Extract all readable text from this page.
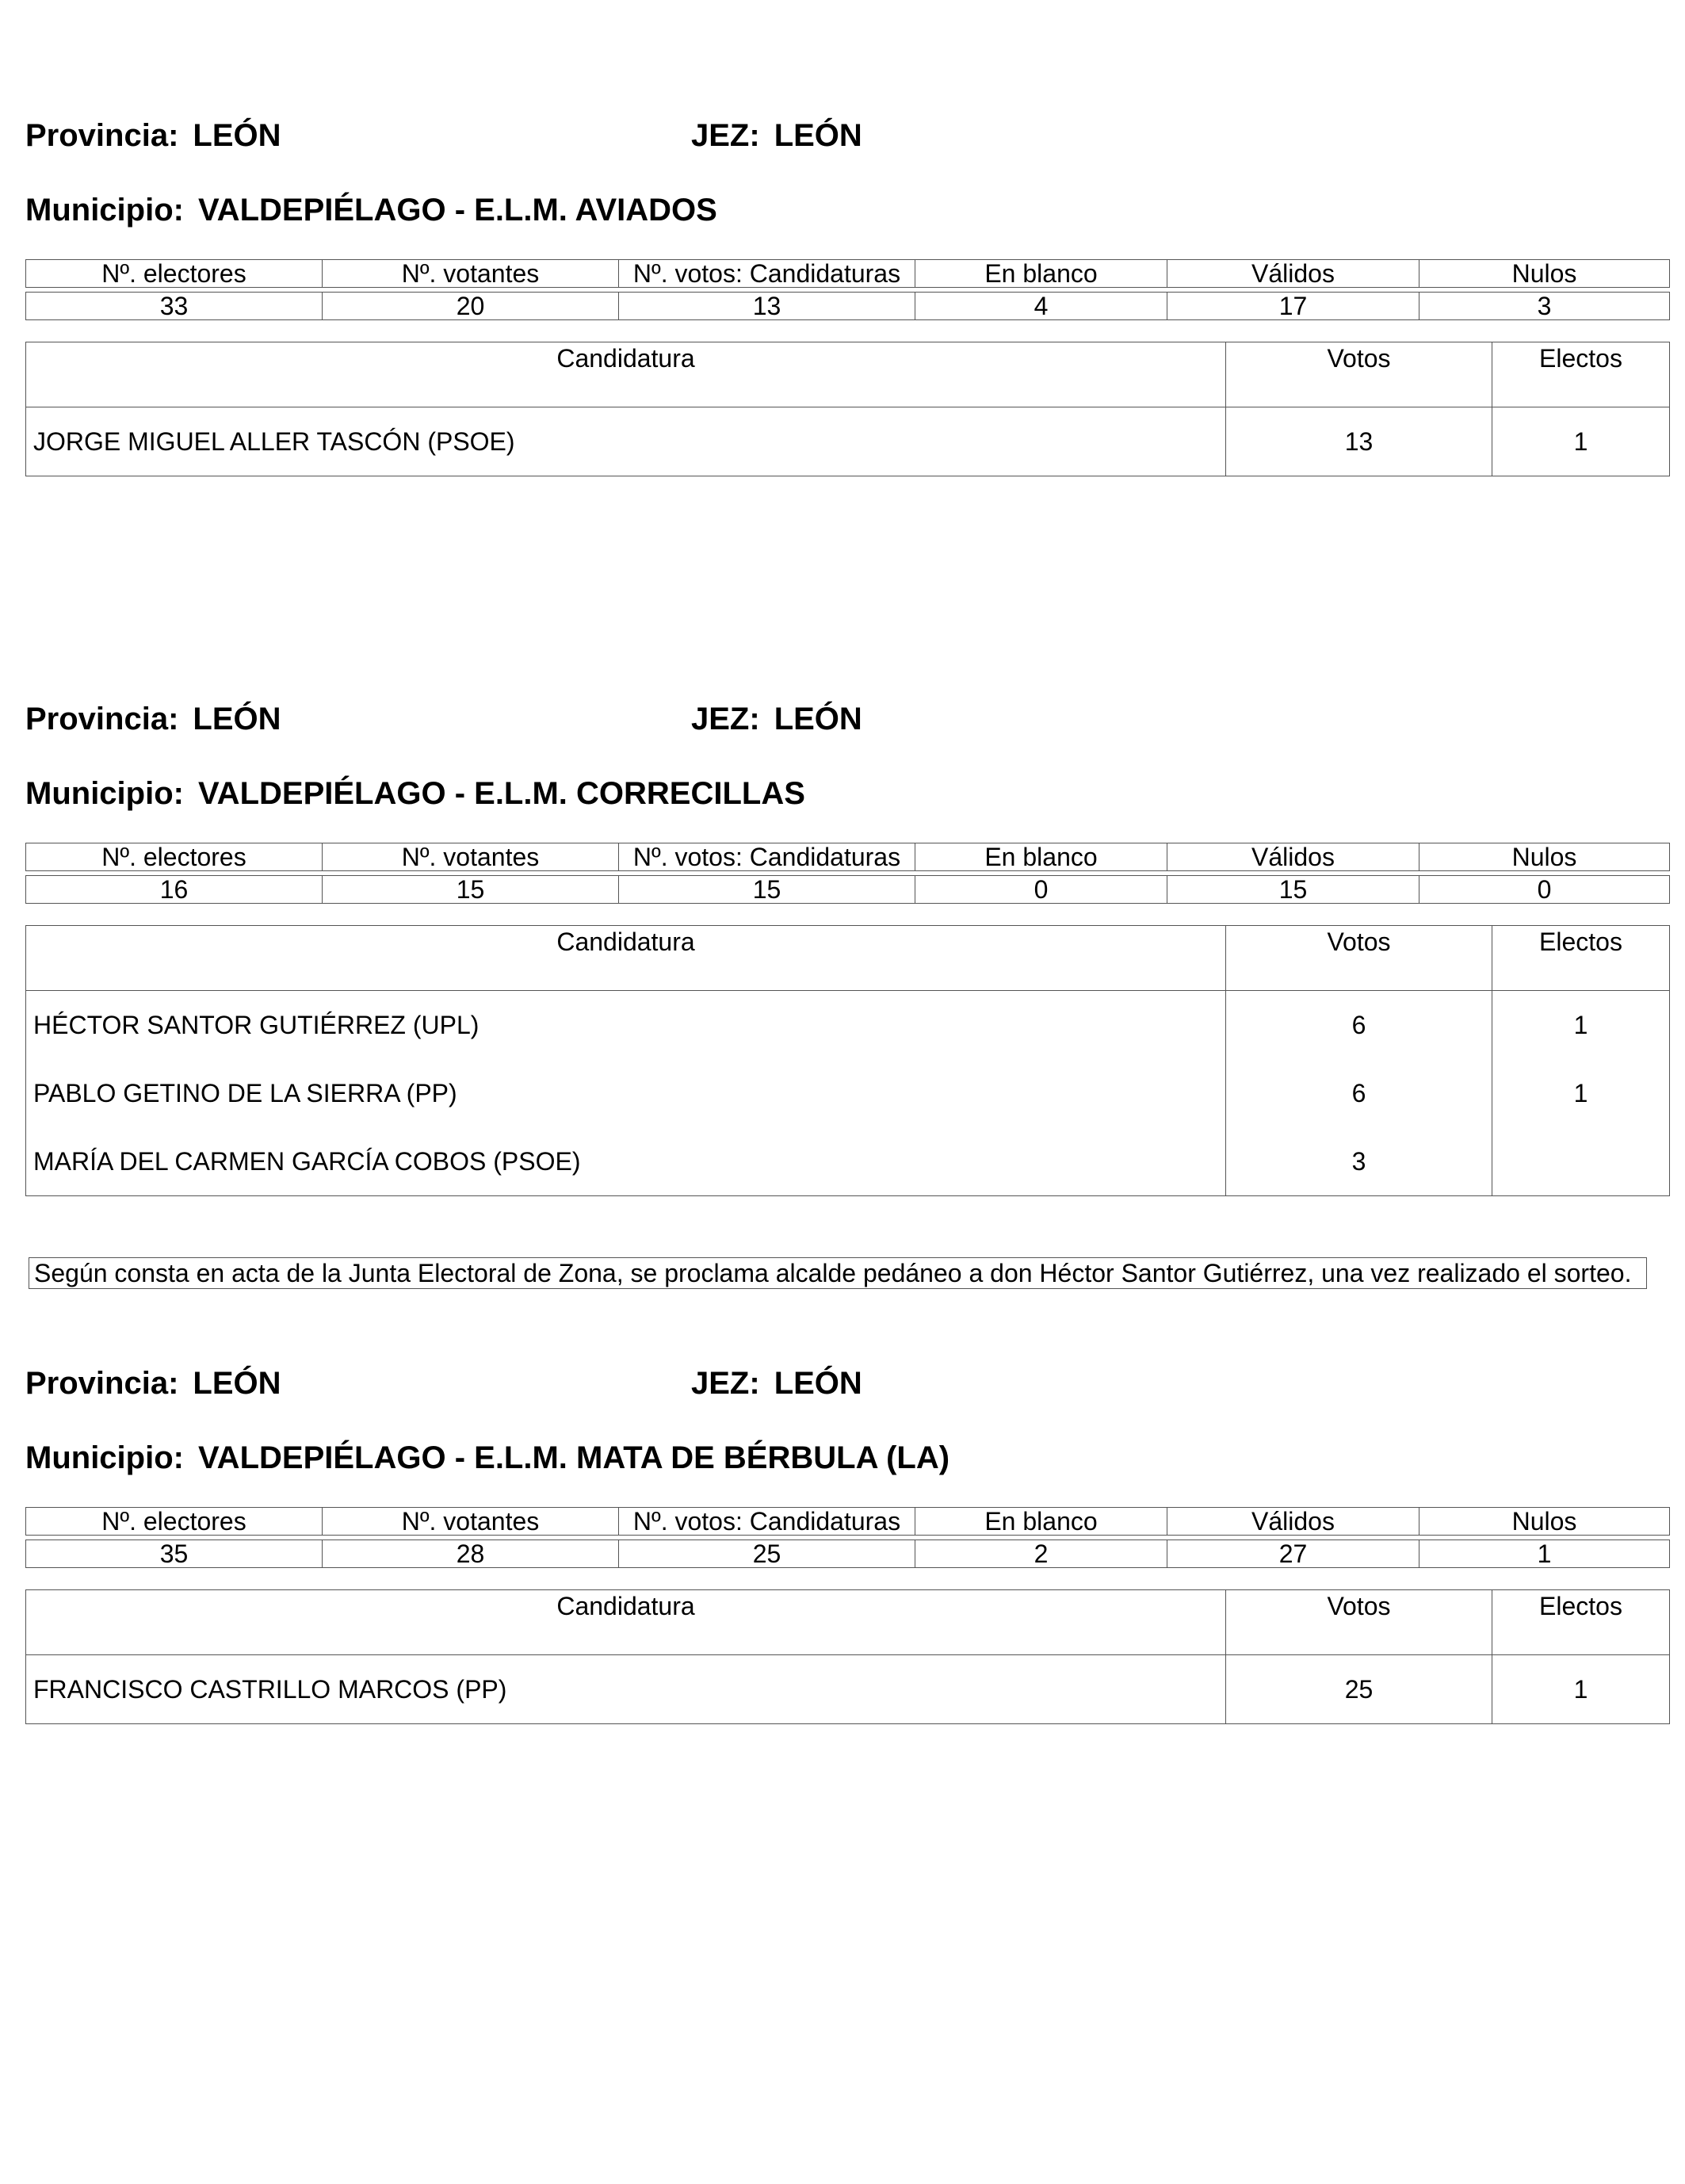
Provincia: LEÓN	JEZ: LEÓN
Municipio: VALDEPIÉLAGO - E.L.M. AVIADOS
Nº. electores	Nº. votantes	Nº. votos: Candidaturas	En blanco	Válidos	Nulos

33	20	13	4	17	3
Candidatura	Votos	Electos
JORGE MIGUEL ALLER TASCÓN (PSOE)	13	1
Provincia: LEÓN	JEZ: LEÓN
Municipio: VALDEPIÉLAGO - E.L.M. CORRECILLAS
Nº. electores	Nº. votantes	Nº. votos: Candidaturas	En blanco	Válidos	Nulos

16	15	15	0	15	0
Candidatura	Votos	Electos
HÉCTOR SANTOR GUTIÉRREZ (UPL)	6	1
PABLO GETINO DE LA SIERRA (PP)	6	1
MARÍA DEL CARMEN GARCÍA COBOS (PSOE)	3	
Según consta en acta de la Junta Electoral de Zona, se proclama alcalde pedáneo a don Héctor Santor Gutiérrez, una vez realizado el sorteo.
Provincia: LEÓN	JEZ: LEÓN
Municipio: VALDEPIÉLAGO - E.L.M. MATA DE BÉRBULA (LA)
Nº. electores	Nº. votantes	Nº. votos: Candidaturas	En blanco	Válidos	Nulos

35	28	25	2	27	1
Candidatura	Votos	Electos
FRANCISCO CASTRILLO MARCOS (PP)	25	1
